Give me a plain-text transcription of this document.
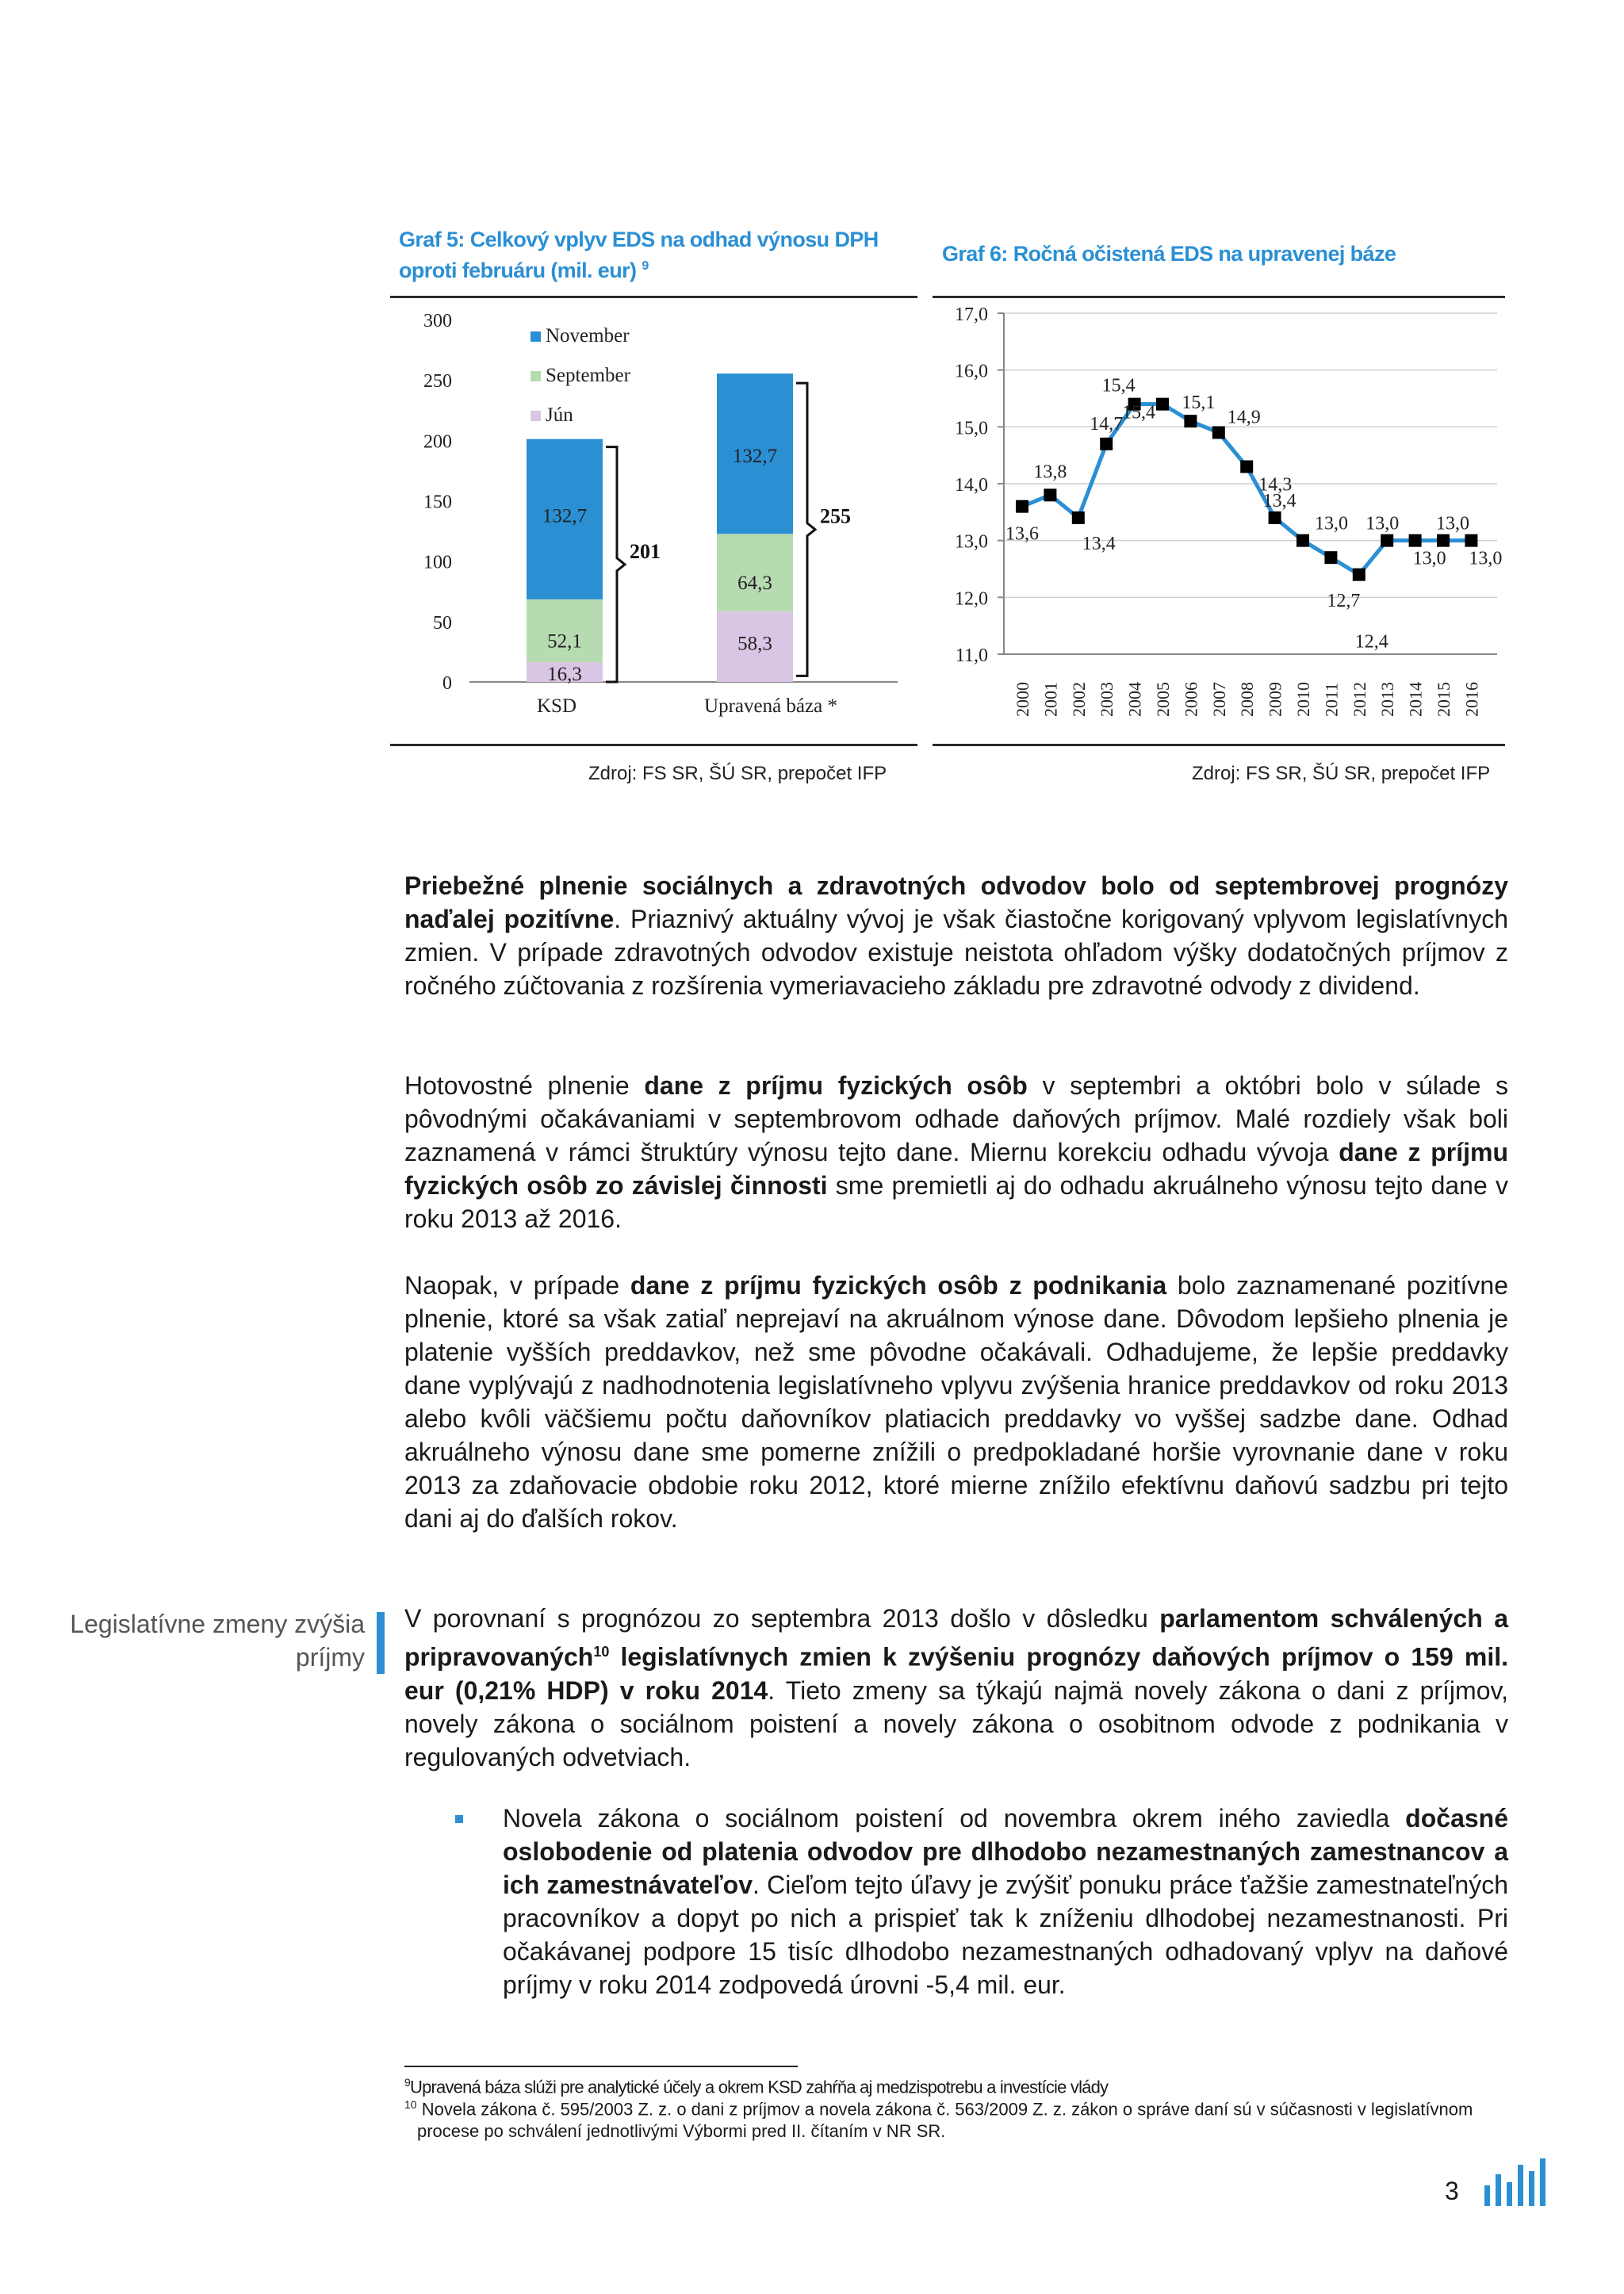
Graf 5: Celkový vplyv EDS na odhad výnosu DPH oproti februáru (mil. eur) $^9$
0
50
100
150
200
250
300
16,3
52,1
132,7
KSD
58,3
64,3
132,7
Upravená báza *
201
255
November
September
Jún
Zdroj: FS SR, ŠÚ SR, prepočet IFP
Graf 6: Ročná očistená EDS na upravenej báze
11,0
12,0
13,0
14,0
15,0
16,0
17,0
2000 2001 2002 2003 2004 2005 2006 2007 2008 2009 2010 2011 2012 2013 2014 2015 2016
13,6
13,8
13,4
14,7
15,4
15,4 15,1
14,9
14,3
13,4
13,0
12,7
12,4
13,0
13,0
13,0
13,0
Zdroj: FS SR, ŠÚ SR, prepočet IFP

Priebežné plnenie sociálnych a zdravotných odvodov bolo od septembrovej prognózy naďalej pozitívne. Priaznivý aktuálny vývoj je však čiastočne korigovaný vplyvom legislatívnych zmien. V prípade zdravotných odvodov existuje neistota ohľadom výšky dodatočných príjmov z ročného zúčtovania z rozšírenia vymeriavacieho základu pre zdravotné odvody z dividend.

Hotovostné plnenie dane z príjmu fyzických osôb v septembri a októbri bolo v súlade s pôvodnými očakávaniami v septembrovom odhade daňových príjmov. Malé rozdiely však boli zaznamená v rámci štruktúry výnosu tejto dane. Miernu korekciu odhadu vývoja dane z príjmu fyzických osôb zo závislej činnosti sme premietli aj do odhadu akruálneho výnosu tejto dane v roku 2013 až 2016.

Naopak, v prípade dane z príjmu fyzických osôb z podnikania bolo zaznamenané pozitívne plnenie, ktoré sa však zatiaľ neprejaví na akruálnom výnose dane. Dôvodom lepšieho plnenia je platenie vyšších preddavkov, než sme pôvodne očakávali. Odhadujeme, že lepšie preddavky dane vyplývajú z nadhodnotenia legislatívneho vplyvu zvýšenia hranice preddavkov od roku 2013 alebo kvôli väčšiemu počtu daňovníkov platiacich preddavky vo vyššej sadzbe dane. Odhad akruálneho výnosu dane sme pomerne znížili o predpokladané horšie vyrovnanie dane v roku 2013 za zdaňovacie obdobie roku 2012, ktoré mierne znížilo efektívnu daňovú sadzbu pri tejto dani aj do ďalších rokov.

Legislatívne zmeny zvýšia príjmy

V porovnaní s prognózou zo septembra 2013 došlo v dôsledku parlamentom schválených a pripravovaných$^{10}$ legislatívnych zmien k zvýšeniu prognózy daňových príjmov o 159 mil. eur (0,21% HDP) v roku 2014. Tieto zmeny sa týkajú najmä novely zákona o dani z príjmov, novely zákona o sociálnom poistení a novely zákona o osobitnom odvode z podnikania v regulovaných odvetviach.

Novela zákona o sociálnom poistení od novembra okrem iného zaviedla dočasné oslobodenie od platenia odvodov pre dlhodobo nezamestnaných zamestnancov a ich zamestnávateľov. Cieľom tejto úľavy je zvýšiť ponuku práce ťažšie zamestnateľných pracovníkov a dopyt po nich a prispieť tak k zníženiu dlhodobej nezamestnanosti. Pri očakávanej podpore 15 tisíc dlhodobo nezamestnaných odhadovaný vplyv na daňové príjmy v roku 2014 zodpovedá úrovni -5,4 mil. eur.

$^9$Upravená báza slúži pre analytické účely a okrem KSD zahŕňa aj medzispotrebu a investície vlády
$^{10}$ Novela zákona č. 595/2003 Z. z. o dani z príjmov a novela zákona č. 563/2009 Z. z. zákon o správe daní sú v súčasnosti v legislatívnom procese po schválení jednotlivými Výbormi pred II. čítaním v NR SR.
3
